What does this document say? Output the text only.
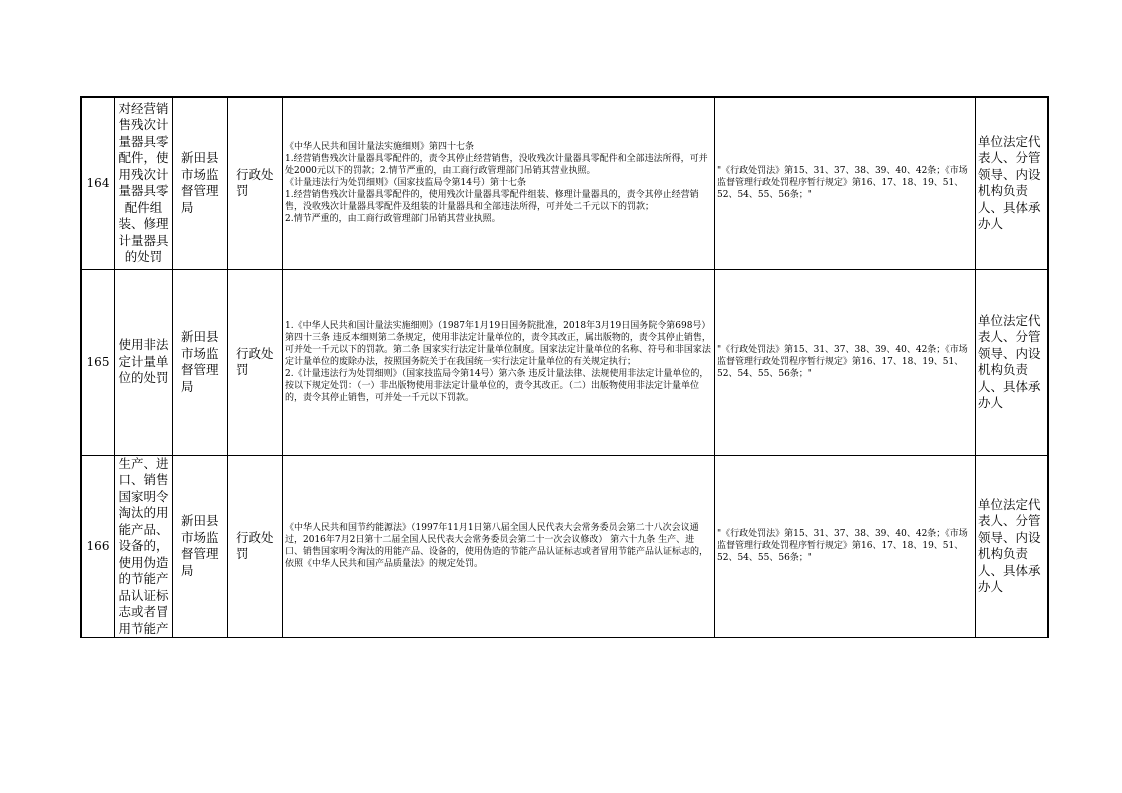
164	对经营销售残次计量器具零配件，使用残次计量器具零配件组装、修理计量器具的处罚	新田县市场监督管理局	行政处罚	《中华人民共和国计量法实施细则》第四十七条
1.经营销售残次计量器具零配件的，责令其停止经营销售，没收残次计量器具零配件和全部违法所得，可并处2000元以下的罚款；2.情节严重的，由工商行政管理部门吊销其营业执照。
《计量违法行为处罚细则》（国家技监局令第14号）第十七条
1.经营销售残次计量器具零配件的，使用残次计量器具零配件组装、修理计量器具的，责令其停止经营销售，没收残次计量器具零配件及组装的计量器具和全部违法所得，可并处二千元以下的罚款；
2.情节严重的，由工商行政管理部门吊销其营业执照。	"《行政处罚法》第15、31、37、38、39、40、42条；《市场监督管理行政处罚程序暂行规定》第16、17、18、19、51、52、54、55、56条；"	单位法定代表人、分管领导、内设机构负责人、具体承办人
165	使用非法定计量单位的处罚	新田县市场监督管理局	行政处罚	1.《中华人民共和国计量法实施细则》（1987年1月19日国务院批准，2018年3月19日国务院令第698号）第四十三条 违反本细则第二条规定，使用非法定计量单位的，责令其改正，属出版物的，责令其停止销售，可并处一千元以下的罚款。第二条 国家实行法定计量单位制度。国家法定计量单位的名称、符号和非国家法定计量单位的废除办法，按照国务院关于在我国统一实行法定计量单位的有关规定执行；
2.《计量违法行为处罚细则》（国家技监局令第14号）第六条 违反计量法律、法规使用非法定计量单位的，按以下规定处罚：（一）非出版物使用非法定计量单位的，责令其改正。（二）出版物使用非法定计量单位的，责令其停止销售，可并处一千元以下罚款。	"《行政处罚法》第15、31、37、38、39、40、42条；《市场监督管理行政处罚程序暂行规定》第16、17、18、19、51、52、54、55、56条；"	单位法定代表人、分管领导、内设机构负责人、具体承办人
166	生产、进口、销售国家明令淘汰的用能产品、设备的，使用伪造的节能产品认证标志或者冒用节能产	新田县市场监督管理局	行政处罚	《中华人民共和国节约能源法》（1997年11月1日第八届全国人民代表大会常务委员会第二十八次会议通过，2016年7月2日第十二届全国人民代表大会常务委员会第二十一次会议修改） 第六十九条 生产、进口、销售国家明令淘汰的用能产品、设备的，使用伪造的节能产品认证标志或者冒用节能产品认证标志的，依照《中华人民共和国产品质量法》的规定处罚。	"《行政处罚法》第15、31、37、38、39、40、42条；《市场监督管理行政处罚程序暂行规定》第16、17、18、19、51、52、54、55、56条；"	单位法定代表人、分管领导、内设机构负责人、具体承办人
